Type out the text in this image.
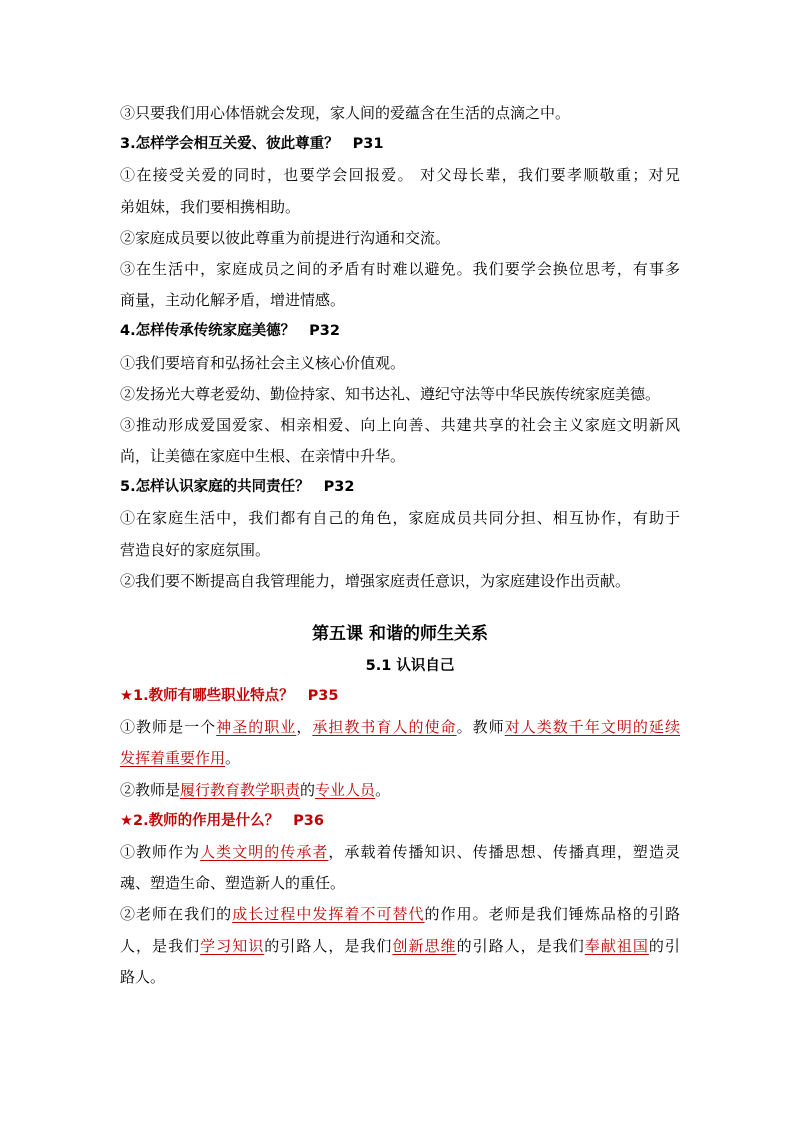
③只要我们用心体悟就会发现，家人间的爱蕴含在生活的点滴之中。
3.怎样学会相互关爱、彼此尊重？ P31
①在接受关爱的同时，也要学会回报爱。 对父母长辈，我们要孝顺敬重；对兄
弟姐妹，我们要相携相助。
②家庭成员要以彼此尊重为前提进行沟通和交流。
③在生活中，家庭成员之间的矛盾有时难以避免。我们要学会换位思考，有事多
商量，主动化解矛盾，增进情感。
4.怎样传承传统家庭美德？ P32
①我们要培育和弘扬社会主义核心价值观。
②发扬光大尊老爱幼、勤俭持家、知书达礼、遵纪守法等中华民族传统家庭美德。
③推动形成爱国爱家、相亲相爱、向上向善、共建共享的社会主义家庭文明新风
尚，让美德在家庭中生根、在亲情中升华。
5.怎样认识家庭的共同责任？ P32
①在家庭生活中，我们都有自己的角色，家庭成员共同分担、相互协作，有助于
营造良好的家庭氛围。
②我们要不断提高自我管理能力，增强家庭责任意识，为家庭建设作出贡献。
第五课 和谐的师生关系
5.1 认识自己
★1.教师有哪些职业特点？ P35
①教师是一个神圣的职业，承担教书育人的使命。教师对人类数千年文明的延续
发挥着重要作用。
②教师是履行教育教学职责的专业人员。
★2.教师的作用是什么？ P36
①教师作为人类文明的传承者，承载着传播知识、传播思想、传播真理，塑造灵
魂、塑造生命、塑造新人的重任。
②老师在我们的成长过程中发挥着不可替代的作用。老师是我们锤炼品格的引路
人，是我们学习知识的引路人，是我们创新思维的引路人，是我们奉献祖国的引
路人。
